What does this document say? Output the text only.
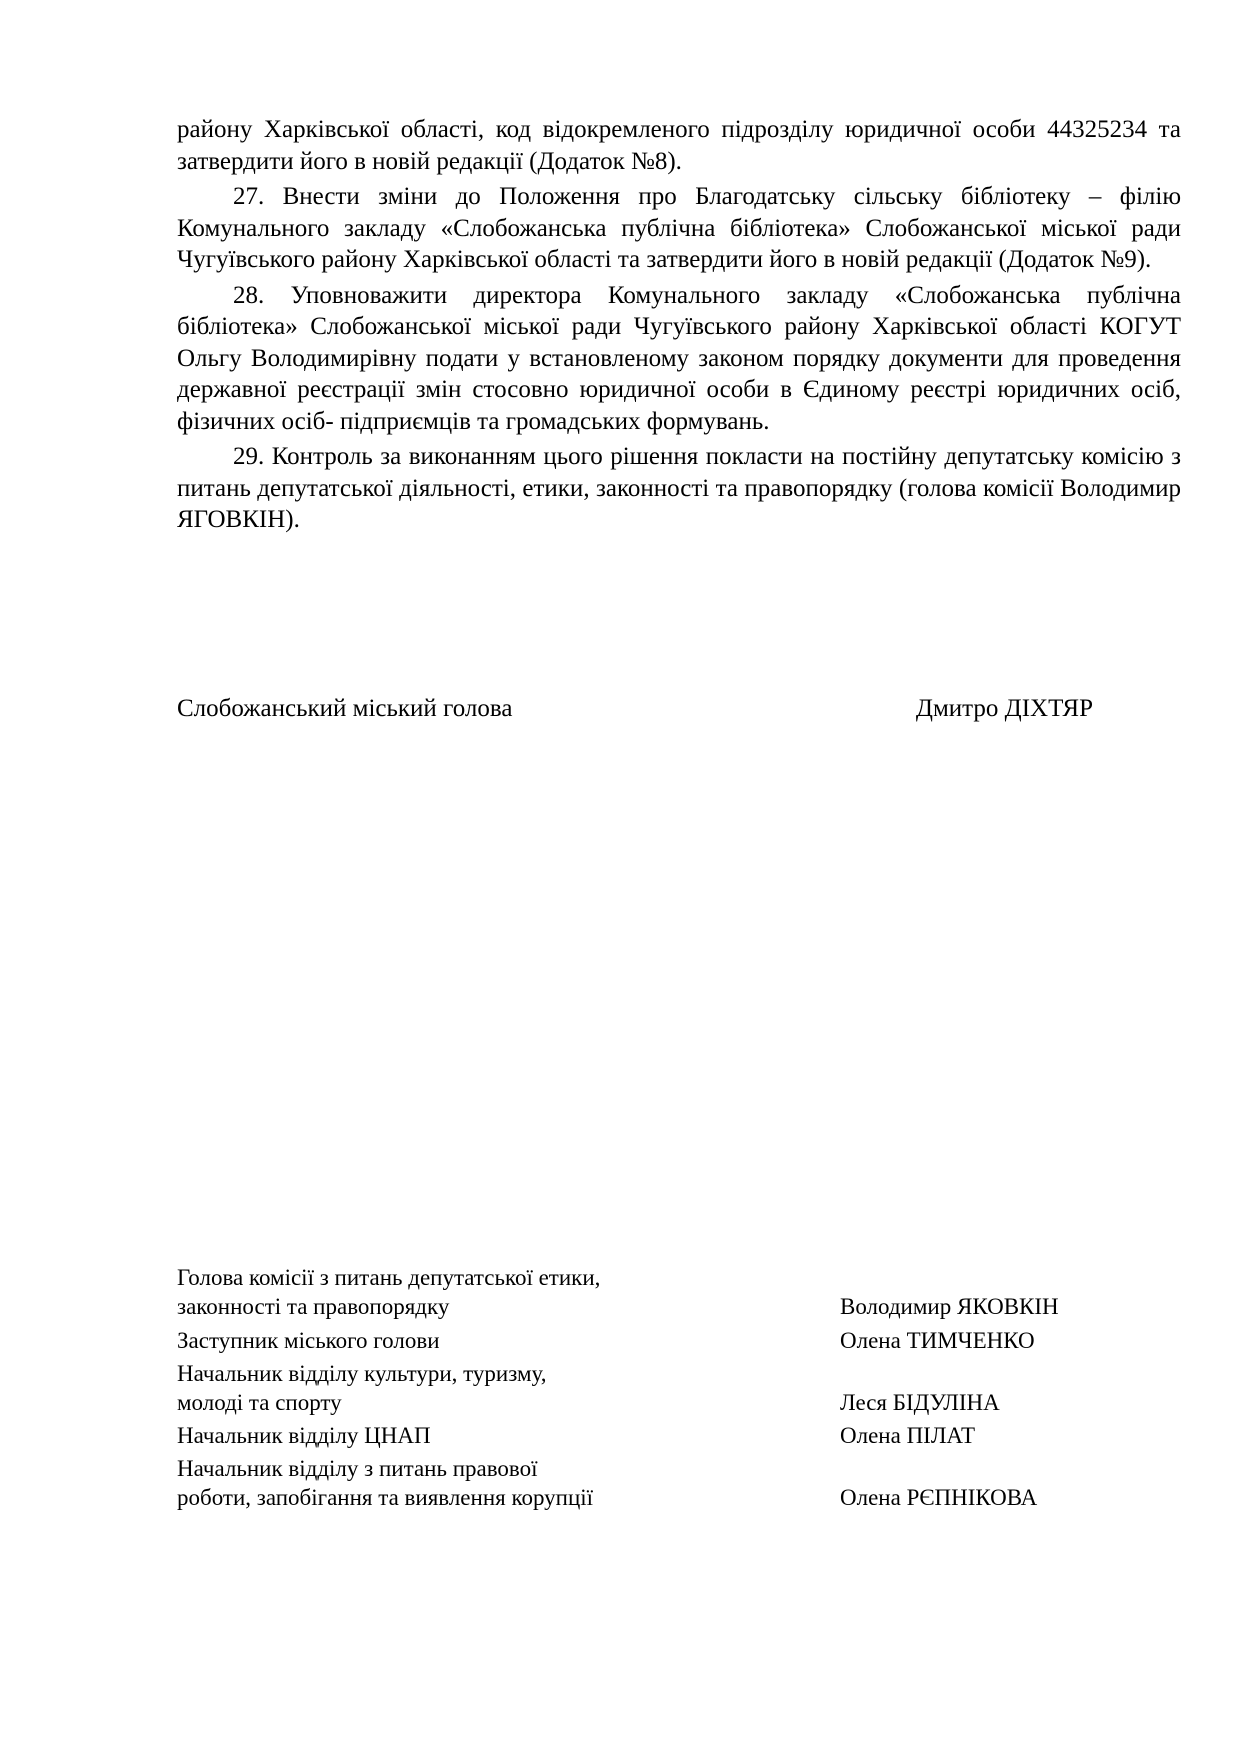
району Харківської області, код відокремленого підрозділу юридичної особи 44325234 та затвердити його в новій редакції (Додаток №8).

27. Внести зміни до Положення про Благодатську сільську бібліотеку – філію Комунального закладу «Слобожанська публічна бібліотека» Слобожанської міської ради Чугуївського району Харківської області та затвердити його в новій редакції (Додаток №9).

28. Уповноважити директора Комунального закладу «Слобожанська публічна бібліотека» Слобожанської міської ради Чугуївського району Харківської області КОГУТ Ольгу Володимирівну подати у встановленому законом порядку документи для проведення державної реєстрації змін стосовно юридичної особи в Єдиному реєстрі юридичних осіб, фізичних осіб- підприємців та громадських формувань.

29. Контроль за виконанням цього рішення покласти на постійну депутатську комісію з питань депутатської діяльності, етики, законності та правопорядку (голова комісії Володимир ЯГОВКІН).

Слобожанський міський голова	Дмитро ДІХТЯР
Голова комісії з питань депутатської етики,
законності та правопорядку	Володимир ЯКОВКІН
Заступник міського голови	Олена ТИМЧЕНКО
Начальник відділу культури, туризму,
молоді та спорту	Леся БІДУЛІНА
Начальник відділу ЦНАП	Олена ПІЛАТ
Начальник відділу з питань правової
роботи, запобігання та виявлення корупції	Олена РЄПНІКОВА
